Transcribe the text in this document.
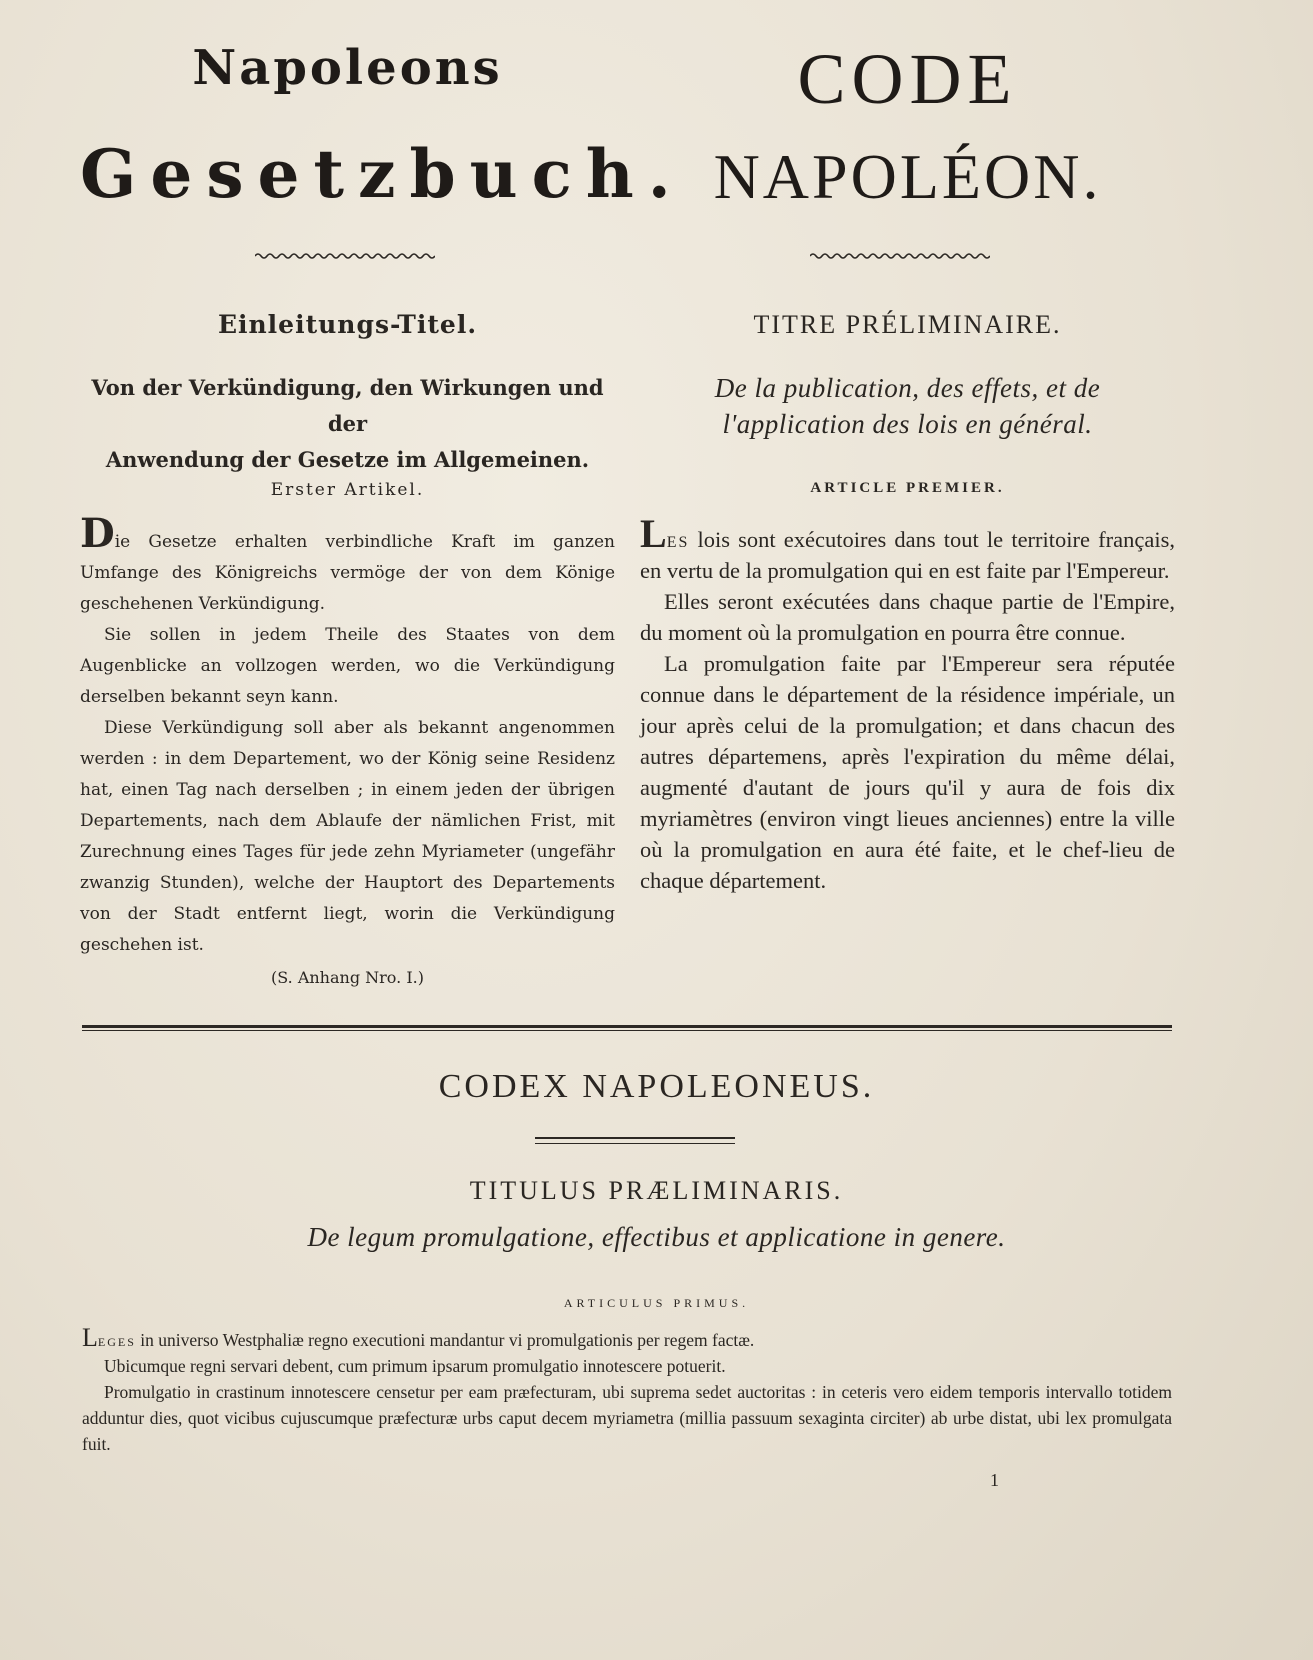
Napoleons
Gesetzbuch.
Einleitungs-Titel.
Von der Verkündigung, den Wirkungen und der
Anwendung der Gesetze im Allgemeinen.
Erster Artikel.

Die Gesetze erhalten verbindliche Kraft im ganzen Umfange des Königreichs vermöge der von dem Könige geschehenen Verkündigung.

Sie sollen in jedem Theile des Staates von dem Augenblicke an vollzogen werden, wo die Verkündigung derselben bekannt seyn kann.

Diese Verkündigung soll aber als bekannt angenommen werden : in dem Departement, wo der König seine Residenz hat, einen Tag nach derselben ; in einem jeden der übrigen Departements, nach dem Ablaufe der nämlichen Frist, mit Zurechnung eines Tages für jede zehn Myriameter (ungefähr zwanzig Stunden), welche der Hauptort des Departements von der Stadt entfernt liegt, worin die Verkündigung geschehen ist.

(S. Anhang Nro. I.)
CODE
NAPOLÉON.
TITRE PRÉLIMINAIRE.
De la publication, des effets, et de
l'application des lois en général.
ARTICLE PREMIER.

Les lois sont exécutoires dans tout le territoire français, en vertu de la promulgation qui en est faite par l'Empereur.

Elles seront exécutées dans chaque partie de l'Empire, du moment où la promulgation en pourra être connue.

La promulgation faite par l'Empereur sera réputée connue dans le département de la résidence impériale, un jour après celui de la promulgation; et dans chacun des autres départemens, après l'expiration du même délai, augmenté d'autant de jours qu'il y aura de fois dix myriamètres (environ vingt lieues anciennes) entre la ville où la promulgation en aura été faite, et le chef-lieu de chaque département.

CODEX NAPOLEONEUS.
TITULUS PRÆLIMINARIS.
De legum promulgatione, effectibus et applicatione in genere.
ARTICULUS PRIMUS.

Leges in universo Westphaliæ regno executioni mandantur vi promulgationis per regem factæ.

Ubicumque regni servari debent, cum primum ipsarum promulgatio innotescere potuerit.

Promulgatio in crastinum innotescere censetur per eam præfecturam, ubi suprema sedet auctoritas : in ceteris vero eidem temporis intervallo totidem adduntur dies, quot vicibus cujuscumque præfecturæ urbs caput decem myriametra (millia passuum sexaginta circiter) ab urbe distat, ubi lex promulgata fuit.

1
